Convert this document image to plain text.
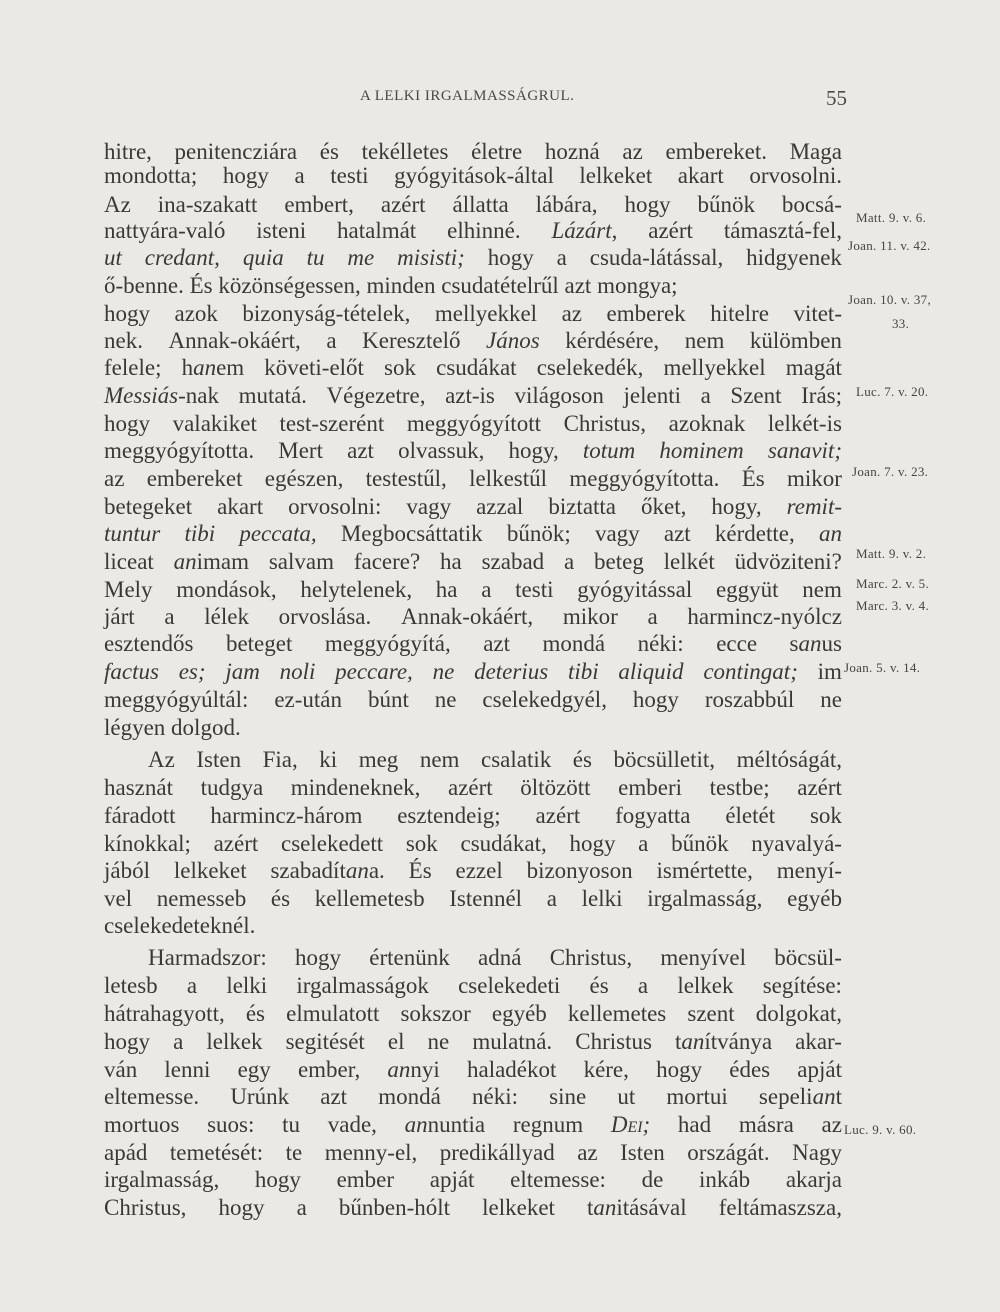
A LELKI IRGALMASSÁGRUL.	55
hitre, penitencziára és tekélletes életre hozná az embereket. Maga
mondotta; hogy a testi gyógyitások-által lelkeket akart orvosolni.
Az ina-szakatt embert, azért állatta lábára, hogy bűnök bocsá-
nattyára-való isteni hatalmát elhinné. Lázárt, azért támasztá-fel,
ut credant, quia tu me misisti; hogy a csuda-látással, hidgyenek
ő-benne. És közönségessen, minden csudatételrűl azt mongya;
hogy azok bizonyság-tételek, mellyekkel az emberek hitelre vitet-
nek. Annak-okáért, a Keresztelő János kérdésére, nem külömben
felele; hanem követi-előt sok csudákat cselekedék, mellyekkel magát
Messiás-nak mutatá. Végezetre, azt-is világoson jelenti a Szent Irás;
hogy valakiket test-szerént meggyógyított Christus, azoknak lelkét-is
meggyógyította. Mert azt olvassuk, hogy, totum hominem sanavit;
az embereket egészen, testestűl, lelkestűl meggyógyította. És mikor
betegeket akart orvosolni: vagy azzal biztatta őket, hogy, remit-
tuntur tibi peccata, Megbocsáttatik bűnök; vagy azt kérdette, an
liceat animam salvam facere? ha szabad a beteg lelkét üdvöziteni?
Mely mondások, helytelenek, ha a testi gyógyitással eggyüt nem
járt a lélek orvoslása. Annak-okáért, mikor a harmincz-nyólcz
esztendős beteget meggyógyítá, azt mondá néki: ecce sanus
factus es; jam noli peccare, ne deterius tibi aliquid contingat; im
meggyógyúltál: ez-után búnt ne cselekedgyél, hogy roszabbúl ne
légyen dolgod.
Az Isten Fia, ki meg nem csalatik és böcsülletit, méltóságát,
hasznát tudgya mindeneknek, azért öltözött emberi testbe; azért
fáradott harmincz-három esztendeig; azért fogyatta életét sok
kínokkal; azért cselekedett sok csudákat, hogy a bűnök nyavalyá-
jából lelkeket szabadítana. És ezzel bizonyoson ismértette, menyí-
vel nemesseb és kellemetesb Istennél a lelki irgalmasság, egyéb
cselekedeteknél.
Harmadszor: hogy értenünk adná Christus, menyível böcsül-
letesb a lelki irgalmasságok cselekedeti és a lelkek segítése:
hátrahagyott, és elmulatott sokszor egyéb kellemetes szent dolgokat,
hogy a lelkek segitését el ne mulatná. Christus tanítványa akar-
ván lenni egy ember, annyi haladékot kére, hogy édes apját
eltemesse. Urúnk azt mondá néki: sine ut mortui sepeliant
mortuos suos: tu vade, annuntia regnum Dei; had másra az
apád temetését: te menny-el, predikállyad az Isten országát. Nagy
irgalmasság, hogy ember apját eltemesse: de inkáb akarja
Christus, hogy a bűnben-hólt lelkeket tanitásával feltámaszsza,
Matt. 9. v. 6.
Joan. 11. v. 42.
Joan. 10. v. 37,
33.
Luc. 7. v. 20.
Joan. 7. v. 23.
Matt. 9. v. 2.
Marc. 2. v. 5.
Marc. 3. v. 4.
Joan. 5. v. 14.
Luc. 9. v. 60.
